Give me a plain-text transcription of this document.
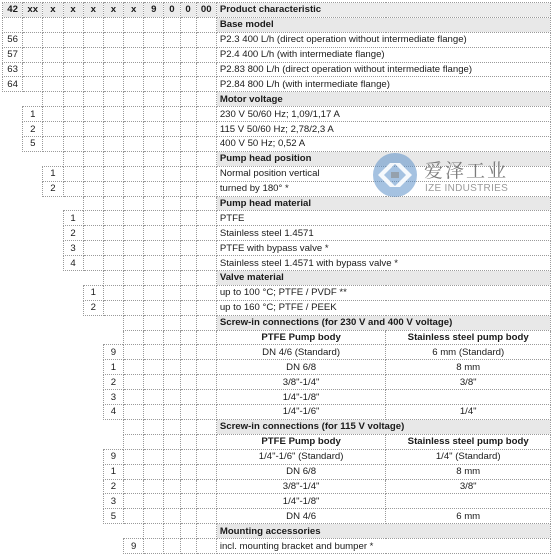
42	xx	x	x	x	x	x	9	0	0	00	Product characteristic	
											Base model	
56											P2.3 400 L/h (direct operation without intermediate flange)	
57											P2.4 400 L/h (with intermediate flange)	
63											P2.83 800 L/h (direct operation without intermediate flange)	
64											P2.84 800 L/h (with intermediate flange)	
											Motor voltage	
	1										230 V 50/60 Hz; 1,09/1,17 A	
	2										115 V 50/60 Hz; 2,78/2,3 A	
	5										400 V 50 Hz; 0,52 A	
											Pump head position	
		1									Normal position vertical	
		2									turned by 180° *	
											Pump head material	
			1								PTFE	
			2								Stainless steel 1.4571	
			3								PTFE with bypass valve *	
			4								Stainless steel 1.4571 with bypass valve *	
											Valve material	
				1							up to 100 °C; PTFE / PVDF **	
				2							up to 160 °C; PTFE / PEEK	
											Screw-in connections (for 230 V and 400 V voltage)	
											PTFE Pump body	Stainless steel pump body
					9						DN 4/6 (Standard)	6 mm (Standard)
					1						DN 6/8	8 mm
					2						3/8"-1/4"	3/8"
					3						1/4"-1/8"	
					4						1/4"-1/6"	1/4"
											Screw-in connections (for 115 V voltage)	
											PTFE Pump body	Stainless steel pump body
					9						1/4"-1/6" (Standard)	1/4" (Standard)
					1						DN 6/8	8 mm
					2						3/8"-1/4"	3/8"
					3						1/4"-1/8"	
					5						DN 4/6	6 mm
											Mounting accessories	
						9					incl. mounting bracket and bumper *	
爱泽工业
IZE INDUSTRIES
